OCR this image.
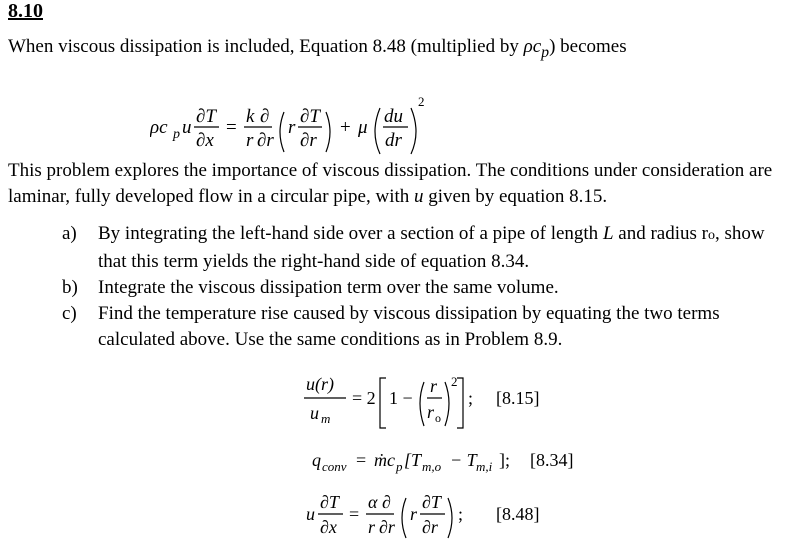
8.10
When viscous dissipation is included, Equation 8.48 (multiplied by $\rho c_p$) becomes
ρc p u
∂T
∂x
=
k ∂
r ∂r
r
∂T
∂r
+ μ
du
dr
2
This problem explores the importance of viscous dissipation. The conditions under consideration are laminar, fully developed flow in a circular pipe, with u given by equation 8.15.
a)	By integrating the left-hand side over a section of a pipe of length L and radius ro, show that this term yields the right-hand side of equation 8.34.
b)	Integrate the viscous dissipation term over the same volume.
c)	Find the temperature rise caused by viscous dissipation by equating the two terms calculated above. Use the same conditions as in Problem 8.9.
u(r)
u m
= 2 1 −
r
r o
2
; [8.15]
q conv = ṁc p [T m,o − T m,i ]; [8.34]
u
∂T
∂x
=
α ∂
r ∂r
r
∂T
∂r
; [8.48]
